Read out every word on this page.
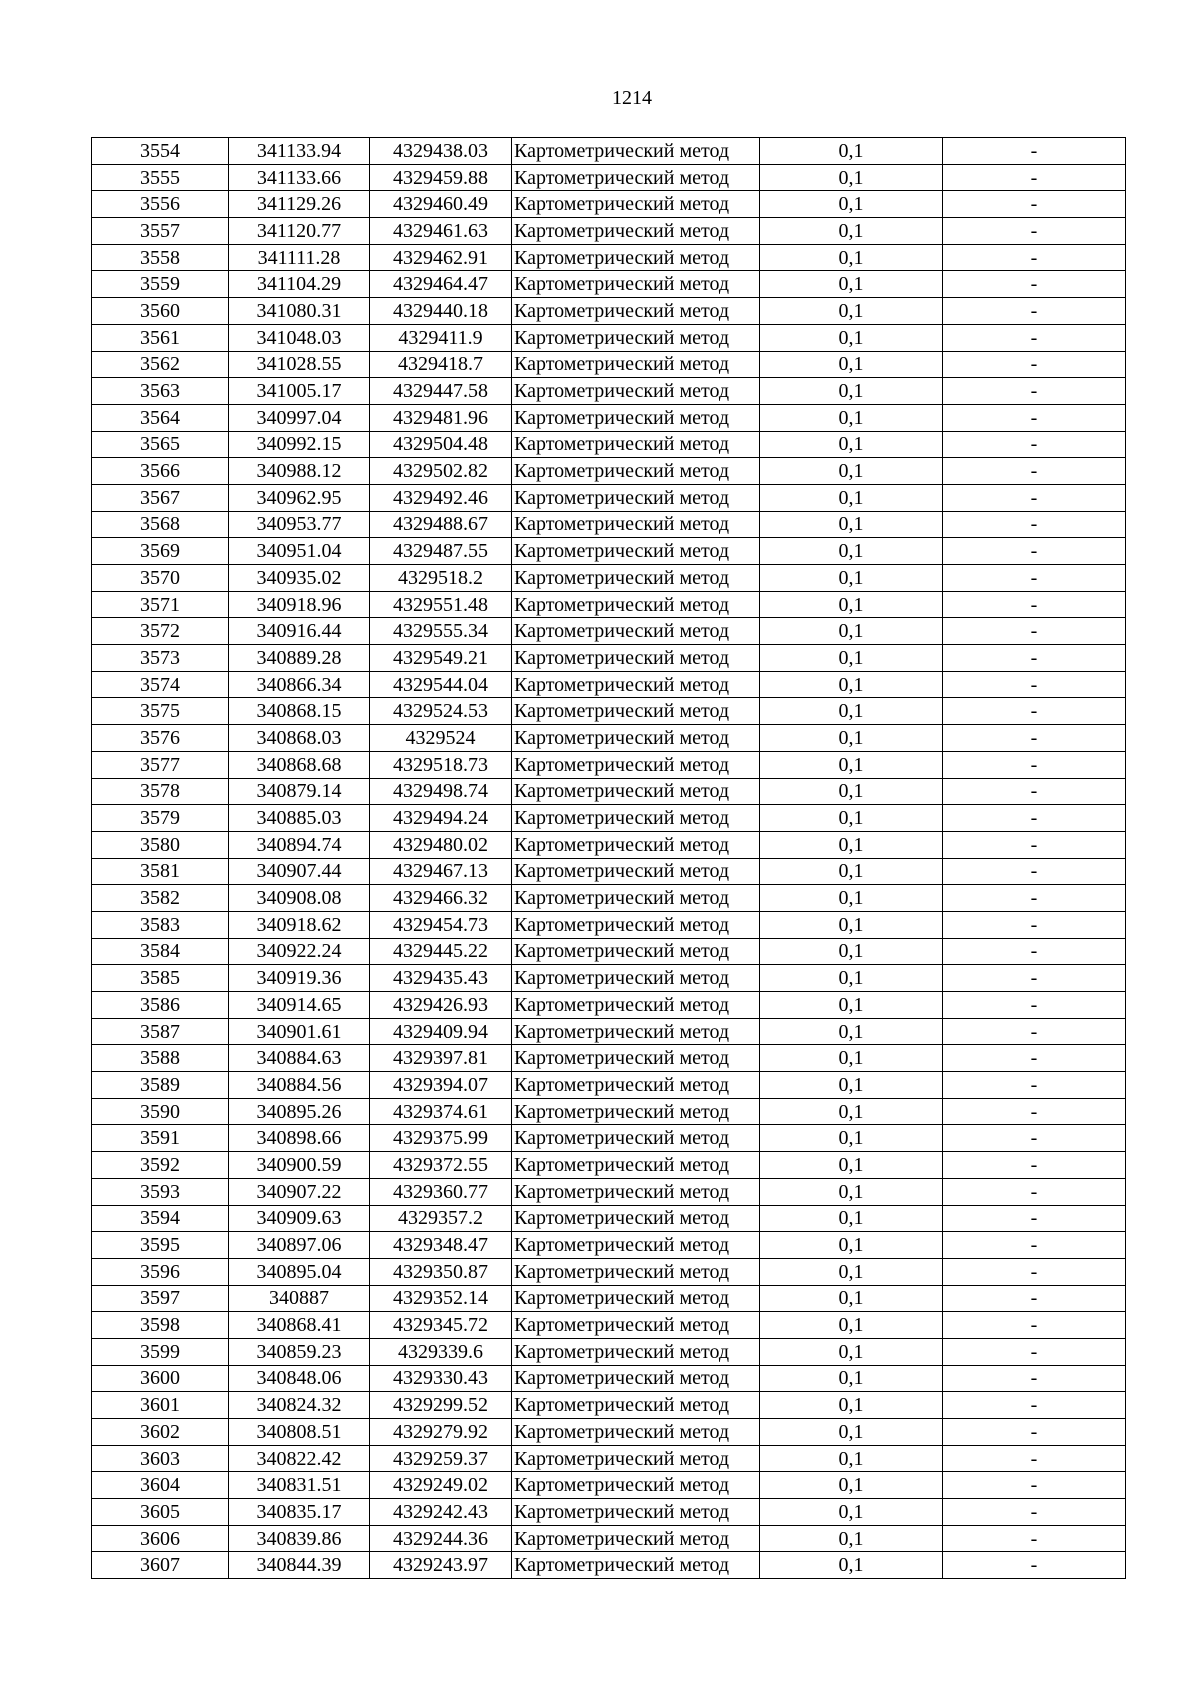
1214
3554	341133.94	4329438.03	Картометрический метод	0,1	-
3555	341133.66	4329459.88	Картометрический метод	0,1	-
3556	341129.26	4329460.49	Картометрический метод	0,1	-
3557	341120.77	4329461.63	Картометрический метод	0,1	-
3558	341111.28	4329462.91	Картометрический метод	0,1	-
3559	341104.29	4329464.47	Картометрический метод	0,1	-
3560	341080.31	4329440.18	Картометрический метод	0,1	-
3561	341048.03	4329411.9	Картометрический метод	0,1	-
3562	341028.55	4329418.7	Картометрический метод	0,1	-
3563	341005.17	4329447.58	Картометрический метод	0,1	-
3564	340997.04	4329481.96	Картометрический метод	0,1	-
3565	340992.15	4329504.48	Картометрический метод	0,1	-
3566	340988.12	4329502.82	Картометрический метод	0,1	-
3567	340962.95	4329492.46	Картометрический метод	0,1	-
3568	340953.77	4329488.67	Картометрический метод	0,1	-
3569	340951.04	4329487.55	Картометрический метод	0,1	-
3570	340935.02	4329518.2	Картометрический метод	0,1	-
3571	340918.96	4329551.48	Картометрический метод	0,1	-
3572	340916.44	4329555.34	Картометрический метод	0,1	-
3573	340889.28	4329549.21	Картометрический метод	0,1	-
3574	340866.34	4329544.04	Картометрический метод	0,1	-
3575	340868.15	4329524.53	Картометрический метод	0,1	-
3576	340868.03	4329524	Картометрический метод	0,1	-
3577	340868.68	4329518.73	Картометрический метод	0,1	-
3578	340879.14	4329498.74	Картометрический метод	0,1	-
3579	340885.03	4329494.24	Картометрический метод	0,1	-
3580	340894.74	4329480.02	Картометрический метод	0,1	-
3581	340907.44	4329467.13	Картометрический метод	0,1	-
3582	340908.08	4329466.32	Картометрический метод	0,1	-
3583	340918.62	4329454.73	Картометрический метод	0,1	-
3584	340922.24	4329445.22	Картометрический метод	0,1	-
3585	340919.36	4329435.43	Картометрический метод	0,1	-
3586	340914.65	4329426.93	Картометрический метод	0,1	-
3587	340901.61	4329409.94	Картометрический метод	0,1	-
3588	340884.63	4329397.81	Картометрический метод	0,1	-
3589	340884.56	4329394.07	Картометрический метод	0,1	-
3590	340895.26	4329374.61	Картометрический метод	0,1	-
3591	340898.66	4329375.99	Картометрический метод	0,1	-
3592	340900.59	4329372.55	Картометрический метод	0,1	-
3593	340907.22	4329360.77	Картометрический метод	0,1	-
3594	340909.63	4329357.2	Картометрический метод	0,1	-
3595	340897.06	4329348.47	Картометрический метод	0,1	-
3596	340895.04	4329350.87	Картометрический метод	0,1	-
3597	340887	4329352.14	Картометрический метод	0,1	-
3598	340868.41	4329345.72	Картометрический метод	0,1	-
3599	340859.23	4329339.6	Картометрический метод	0,1	-
3600	340848.06	4329330.43	Картометрический метод	0,1	-
3601	340824.32	4329299.52	Картометрический метод	0,1	-
3602	340808.51	4329279.92	Картометрический метод	0,1	-
3603	340822.42	4329259.37	Картометрический метод	0,1	-
3604	340831.51	4329249.02	Картометрический метод	0,1	-
3605	340835.17	4329242.43	Картометрический метод	0,1	-
3606	340839.86	4329244.36	Картометрический метод	0,1	-
3607	340844.39	4329243.97	Картометрический метод	0,1	-
